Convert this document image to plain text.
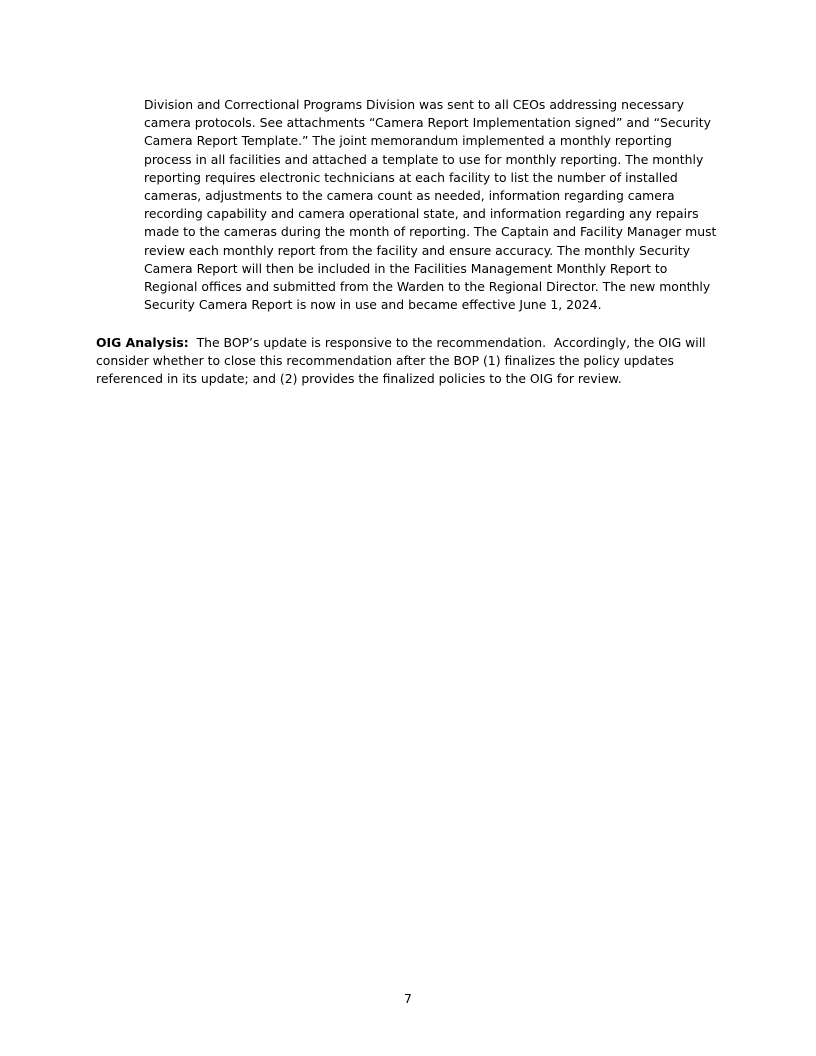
Division and Correctional Programs Division was sent to all CEOs addressing necessary
camera protocols. See attachments “Camera Report Implementation signed” and “Security
Camera Report Template.” The joint memorandum implemented a monthly reporting
process in all facilities and attached a template to use for monthly reporting. The monthly
reporting requires electronic technicians at each facility to list the number of installed
cameras, adjustments to the camera count as needed, information regarding camera
recording capability and camera operational state, and information regarding any repairs
made to the cameras during the month of reporting. The Captain and Facility Manager must
review each monthly report from the facility and ensure accuracy. The monthly Security
Camera Report will then be included in the Facilities Management Monthly Report to
Regional offices and submitted from the Warden to the Regional Director. The new monthly
Security Camera Report is now in use and became effective June 1, 2024.
OIG Analysis:  The BOP’s update is responsive to the recommendation.  Accordingly, the OIG will
consider whether to close this recommendation after the BOP (1) finalizes the policy updates
referenced in its update; and (2) provides the finalized policies to the OIG for review.
7
